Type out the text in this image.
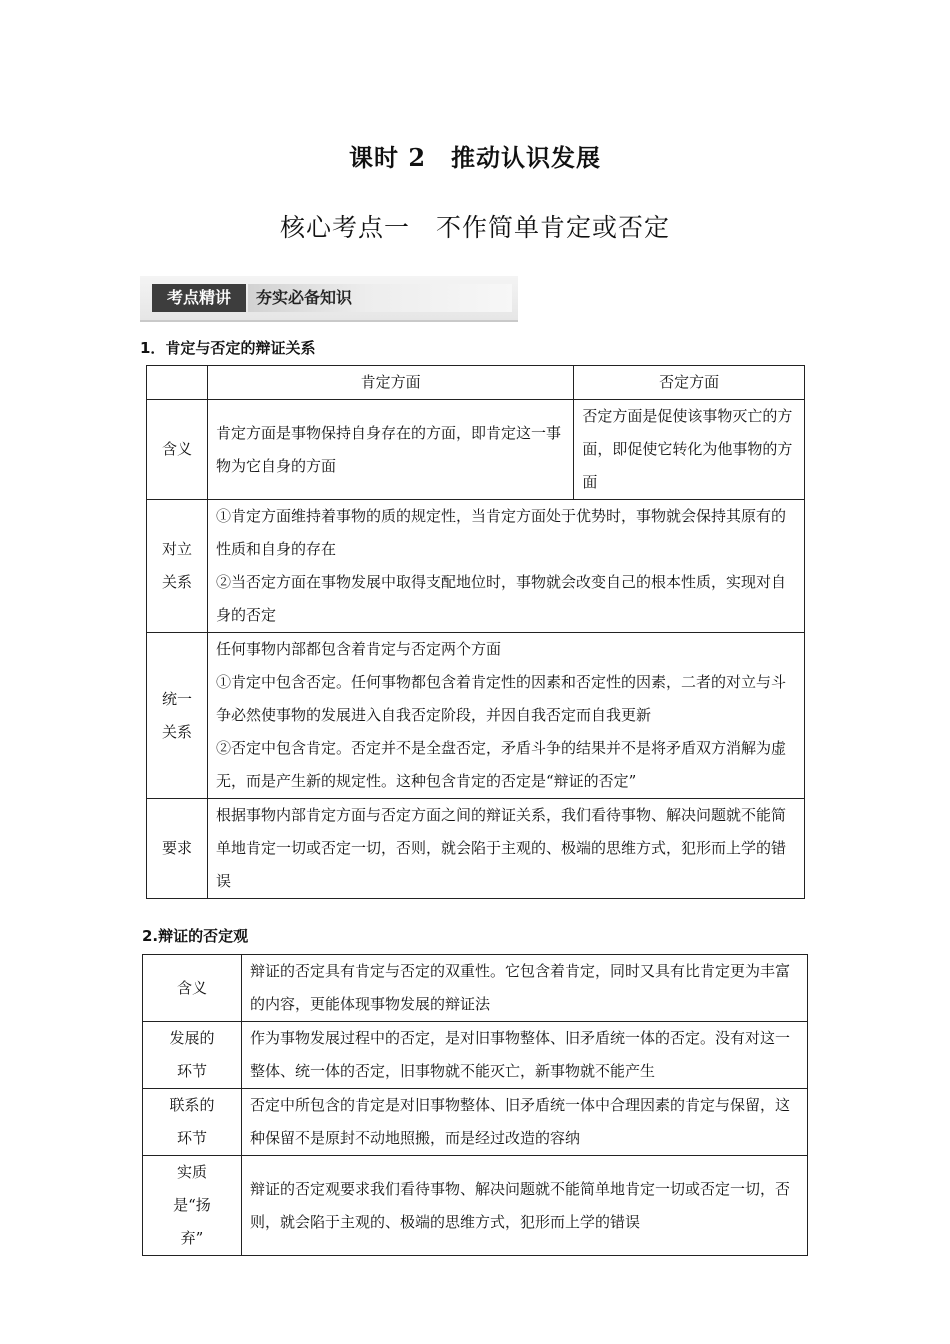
课时 2　推动认识发展
核心考点一　不作简单肯定或否定
考点精讲	夯实必备知识
1．肯定与否定的辩证关系
	肯定方面	否定方面
含义	肯定方面是事物保持自身存在的方面，即肯定这一事物为它自身的方面	否定方面是促使该事物灭亡的方面，即促使它转化为他事物的方面
对立关系	①肯定方面维持着事物的质的规定性，当肯定方面处于优势时，事物就会保持其原有的性质和自身的存在
②当否定方面在事物发展中取得支配地位时，事物就会改变自己的根本性质，实现对自身的否定	

统一关系	任何事物内部都包含着肯定与否定两个方面
①肯定中包含否定。任何事物都包含着肯定性的因素和否定性的因素，二者的对立与斗争必然使事物的发展进入自我否定阶段，并因自我否定而自我更新
②否定中包含肯定。否定并不是全盘否定，矛盾斗争的结果并不是将矛盾双方消解为虚无，而是产生新的规定性。这种包含肯定的否定是“辩证的否定”	

要求	根据事物内部肯定方面与否定方面之间的辩证关系，我们看待事物、解决问题就不能简单地肯定一切或否定一切，否则，就会陷于主观的、极端的思维方式，犯形而上学的错误	
2.辩证的否定观
含义	辩证的否定具有肯定与否定的双重性。它包含着肯定，同时又具有比肯定更为丰富的内容，更能体现事物发展的辩证法
发展的环节	作为事物发展过程中的否定，是对旧事物整体、旧矛盾统一体的否定。没有对这一整体、统一体的否定，旧事物就不能灭亡，新事物就不能产生
联系的环节	否定中所包含的肯定是对旧事物整体、旧矛盾统一体中合理因素的肯定与保留，这种保留不是原封不动地照搬，而是经过改造的容纳
实质是“扬弃”	辩证的否定观要求我们看待事物、解决问题就不能简单地肯定一切或否定一切，否则，就会陷于主观的、极端的思维方式，犯形而上学的错误
